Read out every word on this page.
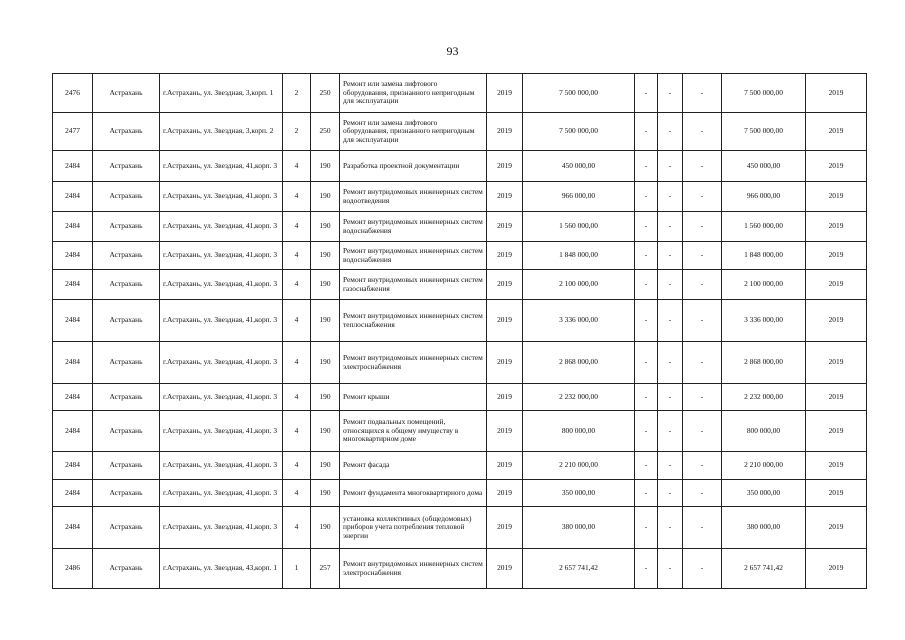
93
2476	Астрахань	г.Астрахань, ул. Звездная, 3,корп. 1	2	250	Ремонт или замена лифтового оборудования, признанного непригодным для эксплуатации	2019	7 500 000,00	-	-	-	7 500 000,00	2019
2477	Астрахань	г.Астрахань, ул. Звездная, 3,корп. 2	2	250	Ремонт или замена лифтового оборудования, признанного непригодным для эксплуатации	2019	7 500 000,00	-	-	-	7 500 000,00	2019
2484	Астрахань	г.Астрахань, ул. Звездная, 41,корп. 3	4	190	Разработка проектной документации	2019	450 000,00	-	-	-	450 000,00	2019
2484	Астрахань	г.Астрахань, ул. Звездная, 41,корп. 3	4	190	Ремонт внутридомовых инженерных систем водоотведения	2019	966 000,00	-	-	-	966 000,00	2019
2484	Астрахань	г.Астрахань, ул. Звездная, 41,корп. 3	4	190	Ремонт внутридомовых инженерных систем водоснабжения	2019	1 560 000,00	-	-	-	1 560 000,00	2019
2484	Астрахань	г.Астрахань, ул. Звездная, 41,корп. 3	4	190	Ремонт внутридомовых инженерных систем водоснабжения	2019	1 848 000,00	-	-	-	1 848 000,00	2019
2484	Астрахань	г.Астрахань, ул. Звездная, 41,корп. 3	4	190	Ремонт внутридомовых инженерных систем газоснабжения	2019	2 100 000,00	-	-	-	2 100 000,00	2019
2484	Астрахань	г.Астрахань, ул. Звездная, 41,корп. 3	4	190	Ремонт внутридомовых инженерных систем теплоснабжения	2019	3 336 000,00	-	-	-	3 336 000,00	2019
2484	Астрахань	г.Астрахань, ул. Звездная, 41,корп. 3	4	190	Ремонт внутридомовых инженерных систем электроснабжения	2019	2 868 000,00	-	-	-	2 868 000,00	2019
2484	Астрахань	г.Астрахань, ул. Звездная, 41,корп. 3	4	190	Ремонт крыши	2019	2 232 000,00	-	-	-	2 232 000,00	2019
2484	Астрахань	г.Астрахань, ул. Звездная, 41,корп. 3	4	190	Ремонт подвальных помещений, относящихся к общему имуществу в многоквартирном доме	2019	800 000,00	-	-	-	800 000,00	2019
2484	Астрахань	г.Астрахань, ул. Звездная, 41,корп. 3	4	190	Ремонт фасада	2019	2 210 000,00	-	-	-	2 210 000,00	2019
2484	Астрахань	г.Астрахань, ул. Звездная, 41,корп. 3	4	190	Ремонт фундамента многоквартирного дома	2019	350 000,00	-	-	-	350 000,00	2019
2484	Астрахань	г.Астрахань, ул. Звездная, 41,корп. 3	4	190	установка коллективных (общедомовых) приборов учета потребления тепловой энергии	2019	380 000,00	-	-	-	380 000,00	2019
2486	Астрахань	г.Астрахань, ул. Звездная, 43,корп. 1	1	257	Ремонт внутридомовых инженерных систем электроснабжения	2019	2 657 741,42	-	-	-	2 657 741,42	2019
